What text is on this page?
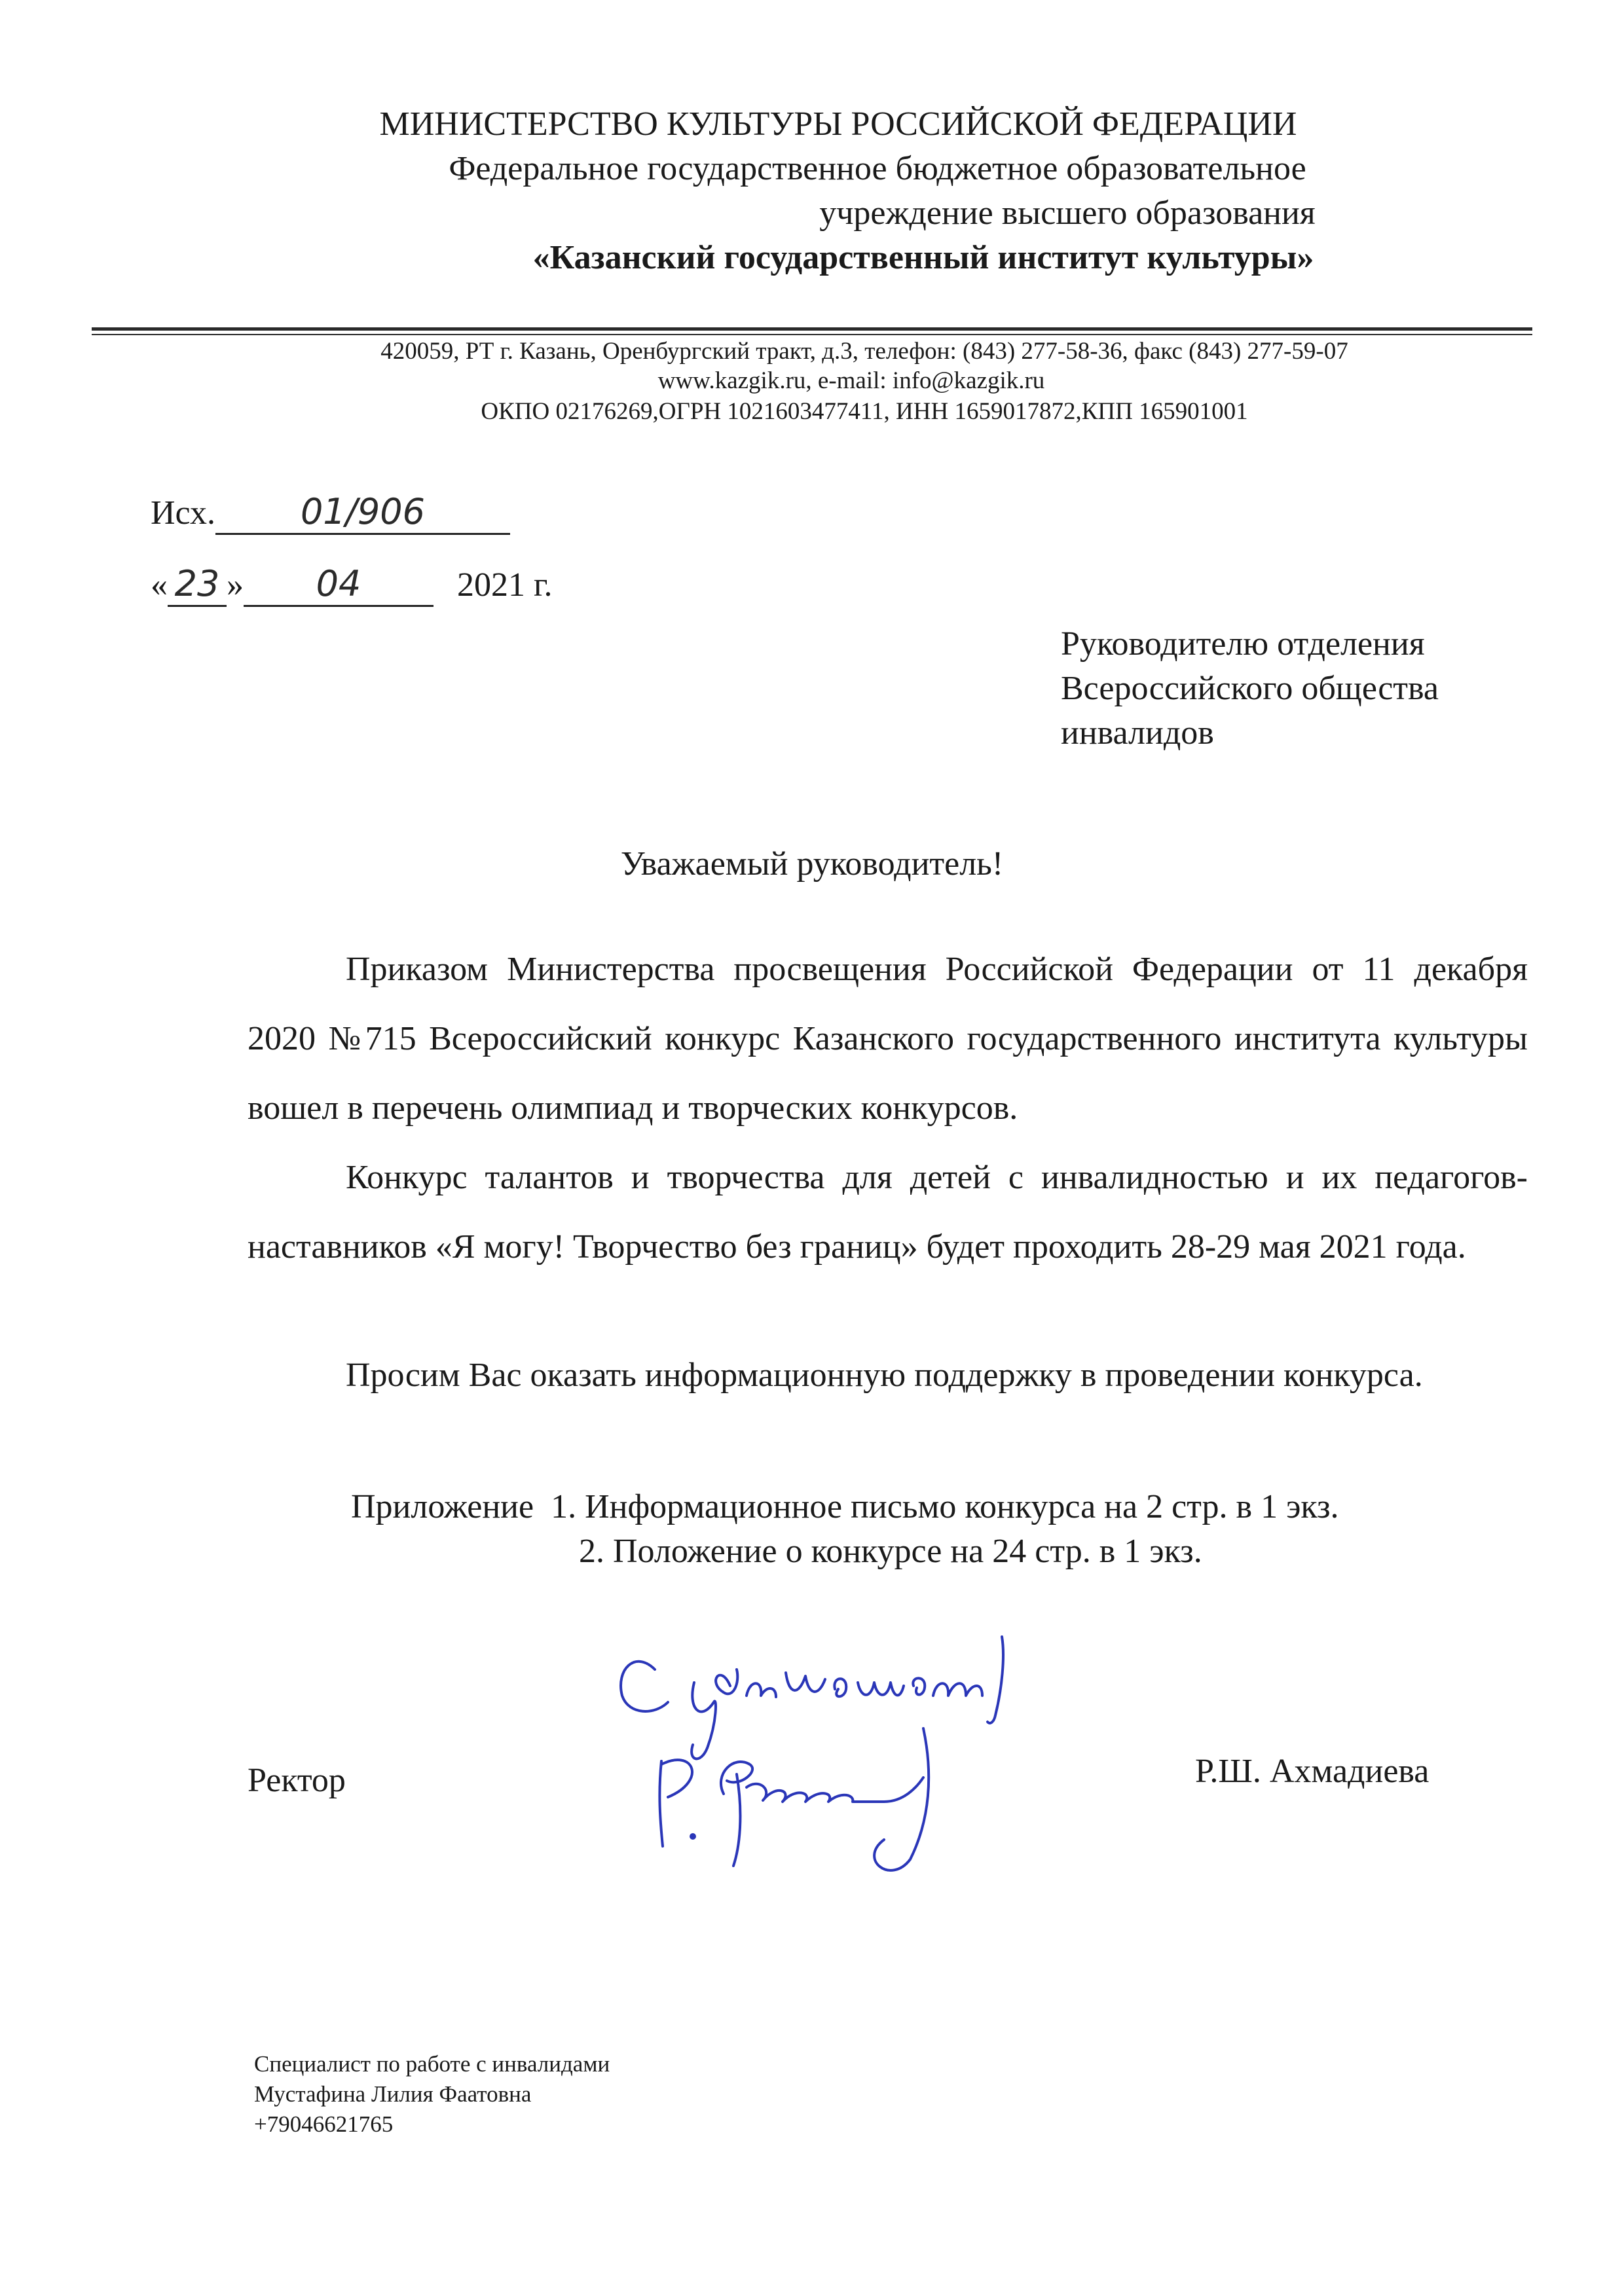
МИНИСТЕРСТВО КУЛЬТУРЫ РОССИЙСКОЙ ФЕДЕРАЦИИ
Федеральное государственное бюджетное образовательное
учреждение высшего образования
«Казанский государственный институт культуры»
420059, РТ г. Казань, Оренбургский тракт, д.3, телефон: (843) 277-58-36, факс (843) 277-59-07
www.kazgik.ru, e-mail: info@kazgik.ru
ОКПО 02176269,ОГРН 1021603477411, ИНН 1659017872,КПП 165901001
Исх. 01/906
« 23 » 04	2021 г.
Руководителю отделения
Всероссийского общества
инвалидов
Уважаемый руководитель!
Приказом Министерства просвещения Российской Федерации от 11 декабря 2020 №715 Всероссийский конкурс Казанского государственного института культуры вошел в перечень олимпиад и творческих конкурсов.
Конкурс талантов и творчества для детей с инвалидностью и их педагогов-наставников «Я могу! Творчество без границ» будет проходить 28-29 мая 2021 года.
Просим Вас оказать информационную поддержку в проведении конкурса.
Приложение 1. Информационное письмо конкурса на 2 стр. в 1 экз.
2. Положение о конкурсе на 24 стр. в 1 экз.
Ректор	Р.Ш. Ахмадиева
Специалист по работе с инвалидами
Мустафина Лилия Фаатовна
+79046621765
